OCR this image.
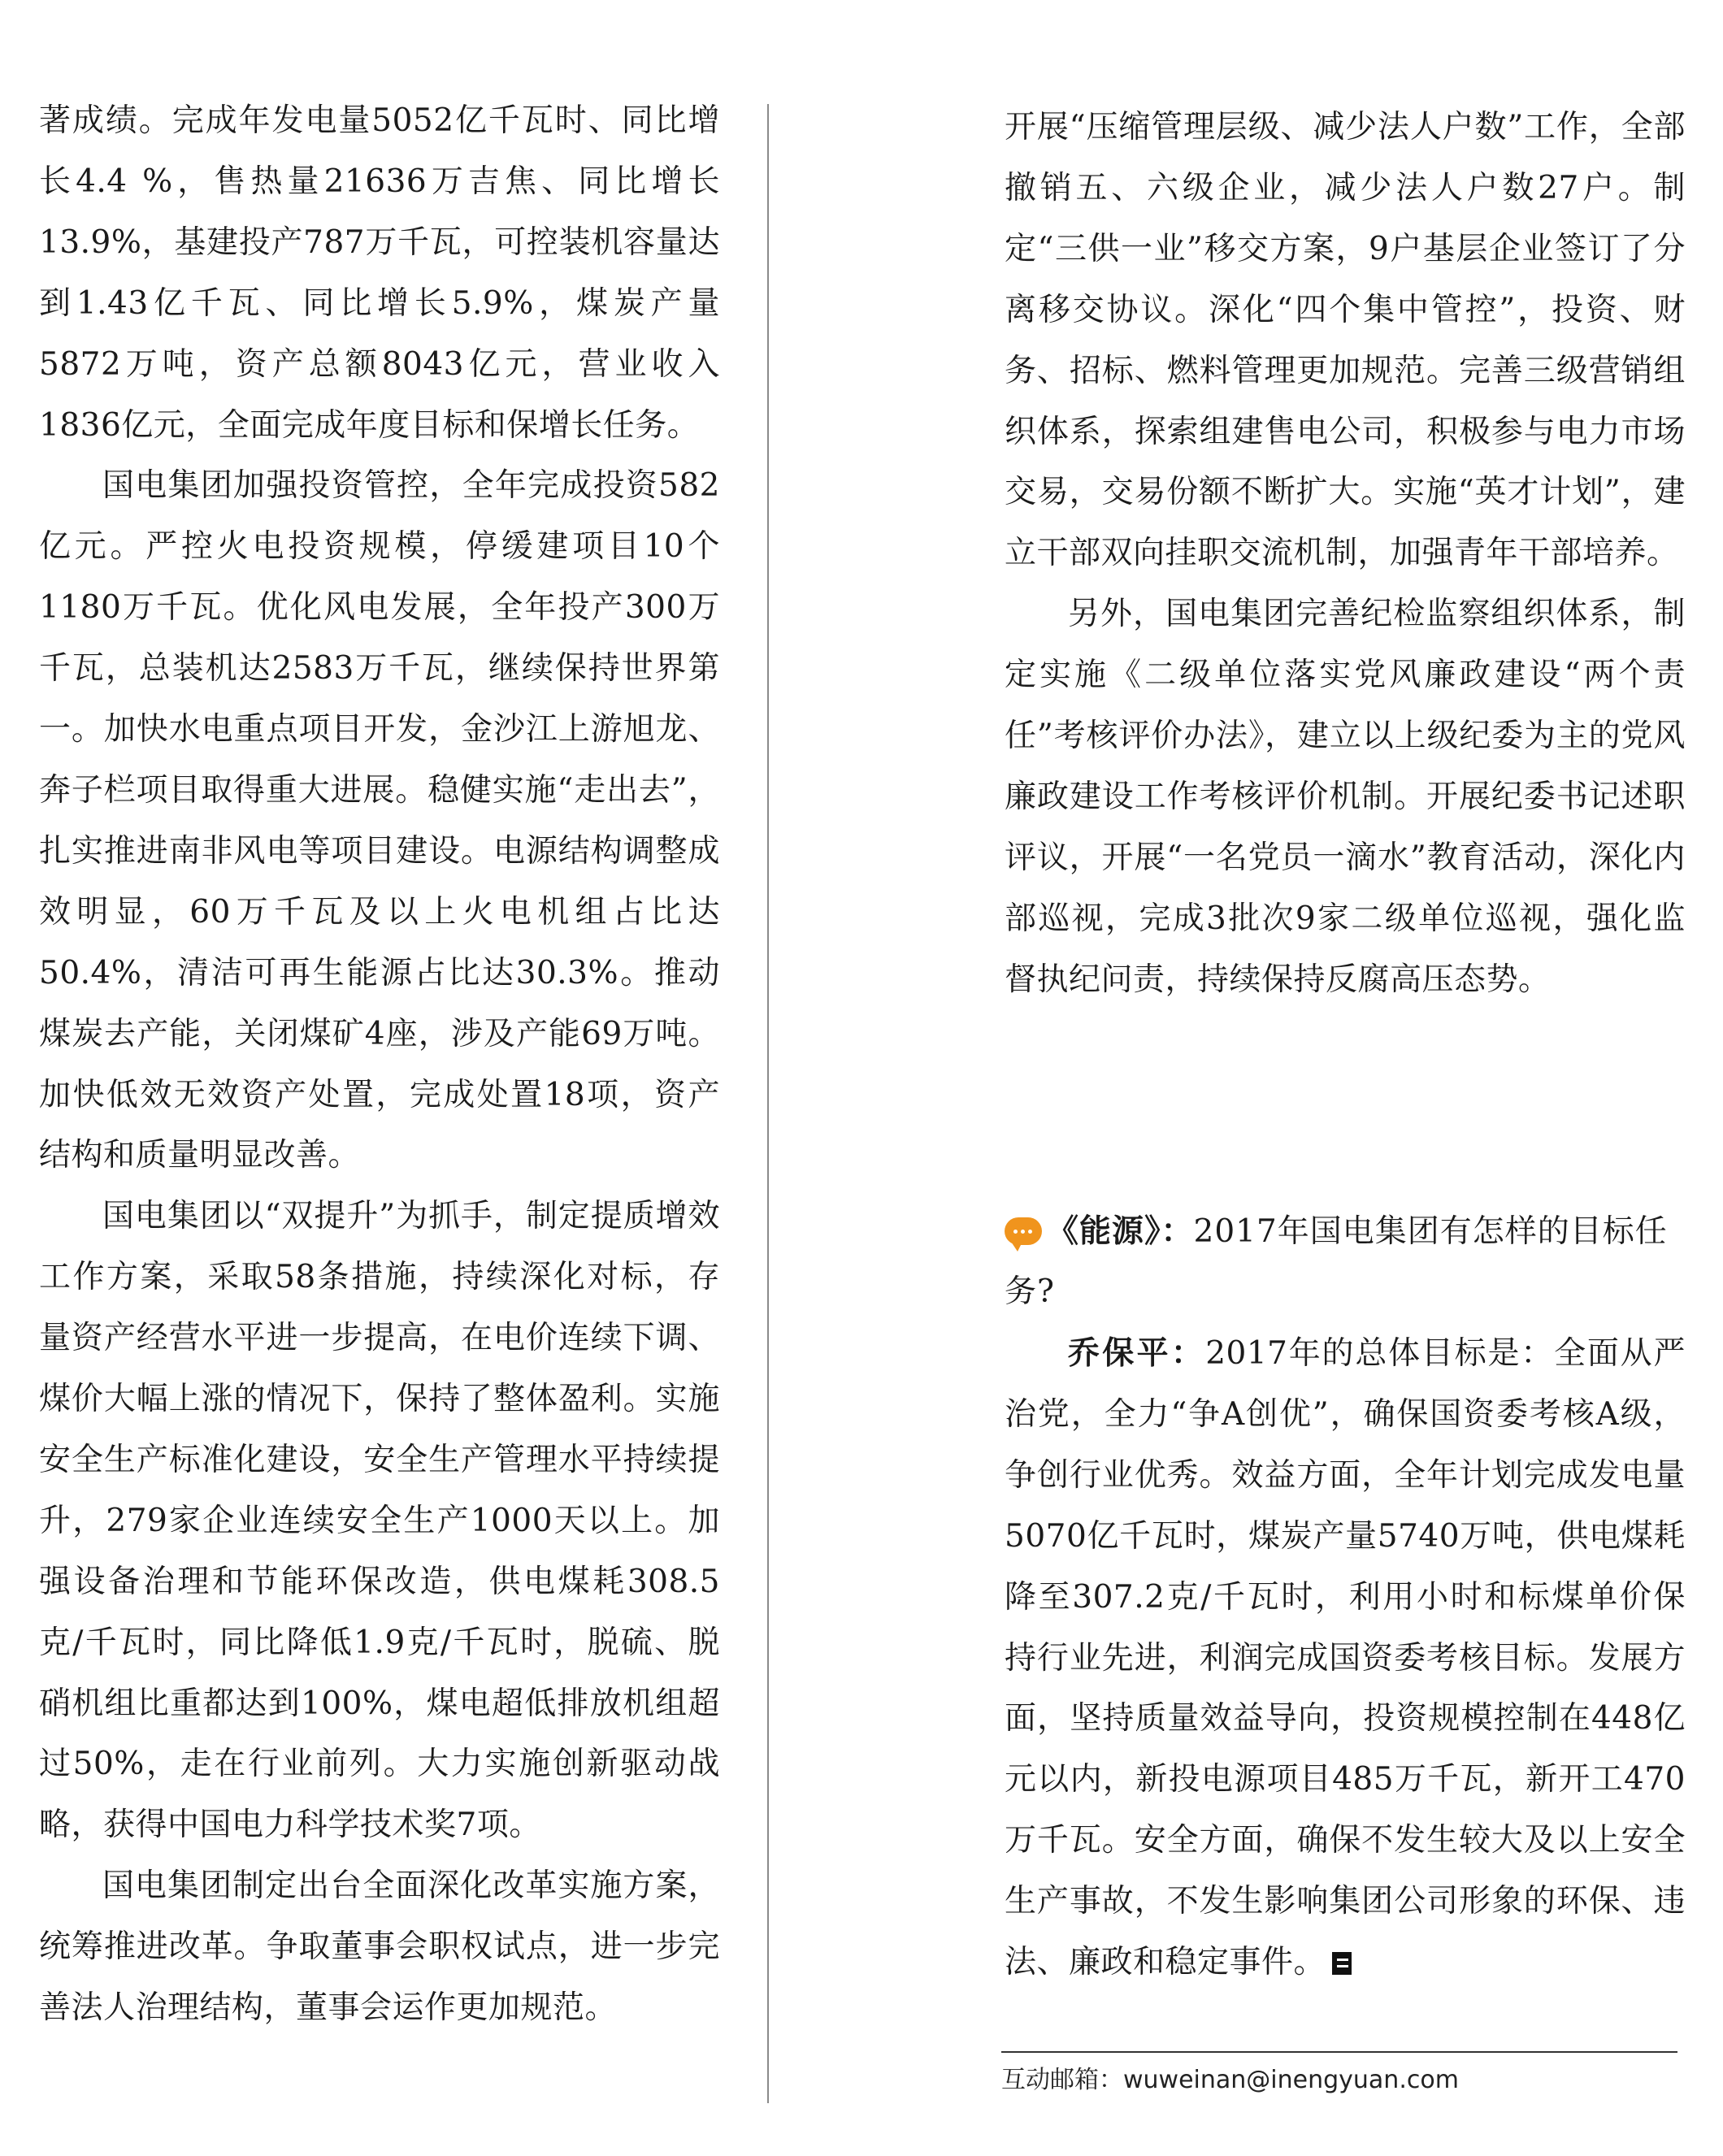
著成绩。完成年发电量5052亿千瓦时、同比增长4.4 %，售热量21636万吉焦、同比增长13.9%，基建投产787万千瓦，可控装机容量达到1.43亿千瓦、同比增长5.9%，煤炭产量5872万吨，资产总额8043亿元，营业收入1836亿元，全面完成年度目标和保增长任务。

国电集团加强投资管控，全年完成投资582亿元。严控火电投资规模，停缓建项目10个1180万千瓦。优化风电发展，全年投产300万千瓦，总装机达2583万千瓦，继续保持世界第一。加快水电重点项目开发，金沙江上游旭龙、奔子栏项目取得重大进展。稳健实施“走出去”，扎实推进南非风电等项目建设。电源结构调整成效明显，60万千瓦及以上火电机组占比达50.4%，清洁可再生能源占比达30.3%。推动煤炭去产能，关闭煤矿4座，涉及产能69万吨。加快低效无效资产处置，完成处置18项，资产结构和质量明显改善。

国电集团以“双提升”为抓手，制定提质增效工作方案，采取58条措施，持续深化对标，存量资产经营水平进一步提高，在电价连续下调、煤价大幅上涨的情况下，保持了整体盈利。实施安全生产标准化建设，安全生产管理水平持续提升，279家企业连续安全生产1000天以上。加强设备治理和节能环保改造，供电煤耗308.5克/千瓦时，同比降低1.9克/千瓦时，脱硫、脱硝机组比重都达到100%，煤电超低排放机组超过50%，走在行业前列。大力实施创新驱动战略，获得中国电力科学技术奖7项。

国电集团制定出台全面深化改革实施方案，统筹推进改革。争取董事会职权试点，进一步完善法人治理结构，董事会运作更加规范。

开展“压缩管理层级、减少法人户数”工作，全部撤销五、六级企业，减少法人户数27户。制定“三供一业”移交方案，9户基层企业签订了分离移交协议。深化“四个集中管控”，投资、财务、招标、燃料管理更加规范。完善三级营销组织体系，探索组建售电公司，积极参与电力市场交易，交易份额不断扩大。实施“英才计划”，建立干部双向挂职交流机制，加强青年干部培养。

另外，国电集团完善纪检监察组织体系，制定实施《二级单位落实党风廉政建设“两个责任”考核评价办法》，建立以上级纪委为主的党风廉政建设工作考核评价机制。开展纪委书记述职评议，开展“一名党员一滴水”教育活动，深化内部巡视，完成3批次9家二级单位巡视，强化监督执纪问责，持续保持反腐高压态势。

《能源》：2017年国电集团有怎样的目标任务?

乔保平：2017年的总体目标是：全面从严治党，全力“争A创优”，确保国资委考核A级，争创行业优秀。效益方面，全年计划完成发电量5070亿千瓦时，煤炭产量5740万吨，供电煤耗降至307.2克/千瓦时，利用小时和标煤单价保持行业先进，利润完成国资委考核目标。发展方面，坚持质量效益导向，投资规模控制在448亿元以内，新投电源项目485万千瓦，新开工470万千瓦。安全方面，确保不发生较大及以上安全生产事故，不发生影响集团公司形象的环保、违法、廉政和稳定事件。

互动邮箱：wuweinan@inengyuan.com
